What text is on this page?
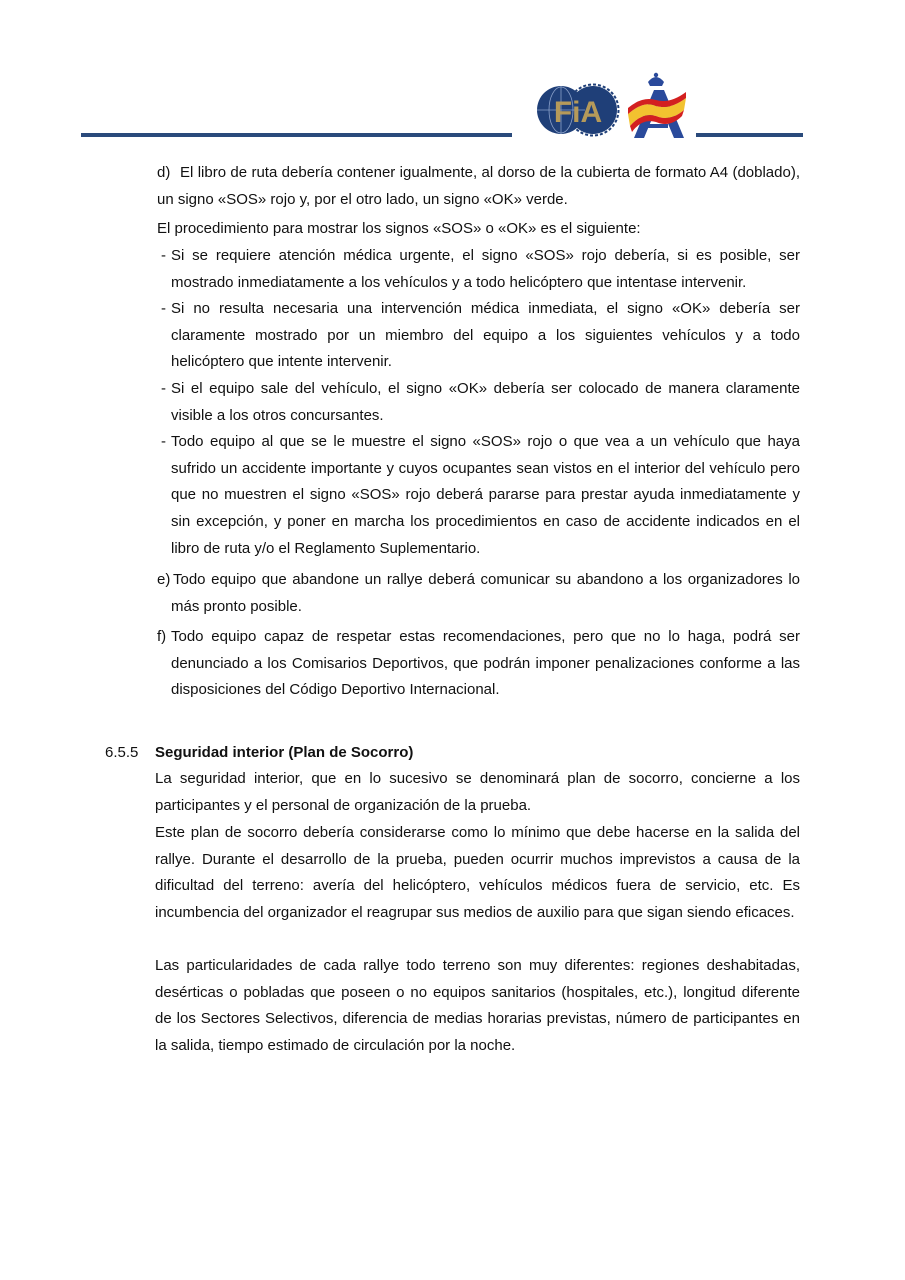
FiA
d) El libro de ruta debería contener igualmente, al dorso de la cubierta de formato A4 (doblado), un signo «SOS» rojo y, por el otro lado, un signo «OK» verde.
El procedimiento para mostrar los signos «SOS» o «OK» es el siguiente:
- Si se requiere atención médica urgente, el signo «SOS» rojo debería, si es posible, ser mostrado inmediatamente a los vehículos y a todo helicóptero que intentase intervenir.
- Si no resulta necesaria una intervención médica inmediata, el signo «OK» debería ser claramente mostrado por un miembro del equipo a los siguientes vehículos y a todo helicóptero que intente intervenir.
- Si el equipo sale del vehículo, el signo «OK» debería ser colocado de manera claramente visible a los otros concursantes.
- Todo equipo al que se le muestre el signo «SOS» rojo o que vea a un vehículo que haya sufrido un accidente importante y cuyos ocupantes sean vistos en el interior del vehículo pero que no muestren el signo «SOS» rojo deberá pararse para prestar ayuda inmediatamente y sin excepción, y poner en marcha los procedimientos en caso de accidente indicados en el libro de ruta y/o el Reglamento Suplementario.
e) Todo equipo que abandone un rallye deberá comunicar su abandono a los organizadores lo más pronto posible.
f) Todo equipo capaz de respetar estas recomendaciones, pero que no lo haga, podrá ser denunciado a los Comisarios Deportivos, que podrán imponer penalizaciones conforme a las disposiciones del Código Deportivo Internacional.
6.5.5 Seguridad interior (Plan de Socorro)
La seguridad interior, que en lo sucesivo se denominará plan de socorro, concierne a los participantes y el personal de organización de la prueba.
Este plan de socorro debería considerarse como lo mínimo que debe hacerse en la salida del rallye. Durante el desarrollo de la prueba, pueden ocurrir muchos imprevistos a causa de la dificultad del terreno: avería del helicóptero, vehículos médicos fuera de servicio, etc. Es incumbencia del organizador el reagrupar sus medios de auxilio para que sigan siendo eficaces.
Las particularidades de cada rallye todo terreno son muy diferentes: regiones deshabitadas, desérticas o pobladas que poseen o no equipos sanitarios (hospitales, etc.), longitud diferente de los Sectores Selectivos, diferencia de medias horarias previstas, número de participantes en la salida, tiempo estimado de circulación por la noche.
